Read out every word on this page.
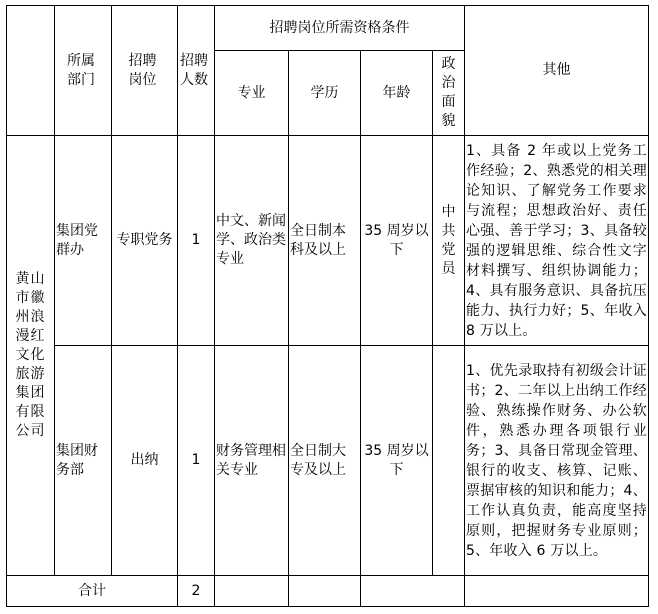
	所属部门	招聘岗位	招聘人数	招聘岗位所需资格条件				其他
				专业	学历	年龄	政治面貌	

黄山市徽州浪漫红文化旅游集团有限公司	集团党群办	专职党务	1	中文、新闻学、政治类专业	全日制本科及以上	35 周岁以下	中共党员	1、具备 2 年或以上党务工作经验；2、熟悉党的相关理论知识、了解党务工作要求与流程；思想政治好、责任心强、善于学习；3、具备较强的逻辑思维、综合性文字材料撰写、组织协调能力；4、具有服务意识、具备抗压能力、执行力好；5、年收入 8 万以上。
	集团财务部	出纳	1	财务管理相关专业	全日制大专及以上	35 周岁以下		1、优先录取持有初级会计证书；2、二年以上出纳工作经验、熟练操作财务、办公软件，熟悉办理各项银行业务；3、具备日常现金管理、银行的收支、核算、记账、票据审核的知识和能力；4、工作认真负责，能高度坚持原则，把握财务专业原则；5、年收入 6 万以上。
合计			2					
